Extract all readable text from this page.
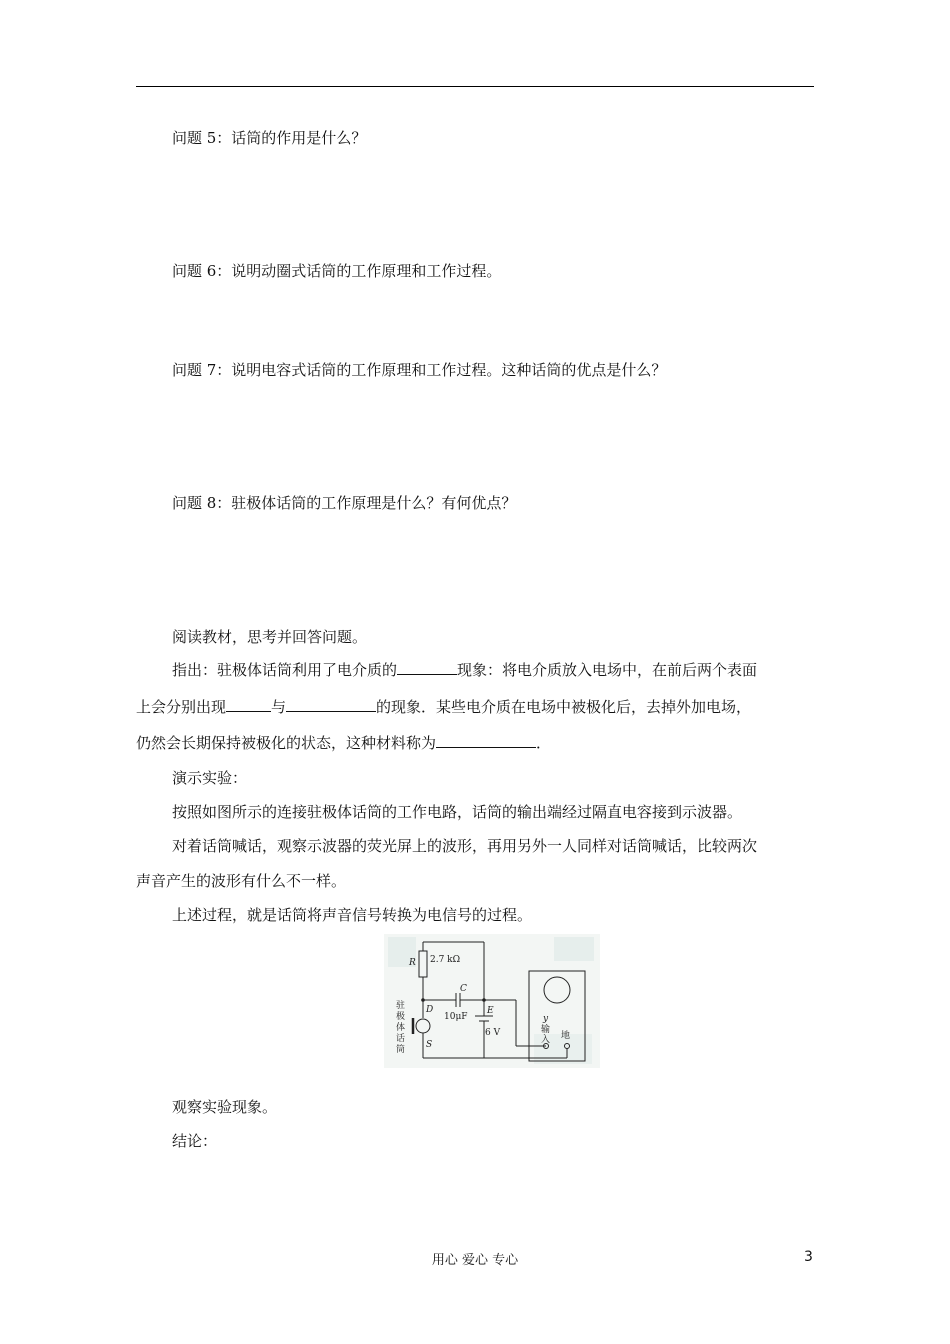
问题 5：话筒的作用是什么？
问题 6：说明动圈式话筒的工作原理和工作过程。
问题 7：说明电容式话筒的工作原理和工作过程。这种话筒的优点是什么？
问题 8：驻极体话筒的工作原理是什么？有何优点？
阅读教材，思考并回答问题。
指出：驻极体话筒利用了电介质的	现象：将电介质放入电场中，在前后两个表面
上会分别出现	与	的现象．某些电介质在电场中被极化后，去掉外加电场，
仍然会长期保持被极化的状态，这种材料称为	．
演示实验：
按照如图所示的连接驻极体话筒的工作电路，话筒的输出端经过隔直电容接到示波器。
对着话筒喊话，观察示波器的荧光屏上的波形，再用另外一人同样对话筒喊话，比较两次
声音产生的波形有什么不一样。
上述过程，就是话筒将声音信号转换为电信号的过程。
R 2.7 kΩ
C
10μF
E
6 V
D
S
驻
极
体
话
筒
y
输
入 地
观察实验现象。
结论：
用心 爱心 专心	3
